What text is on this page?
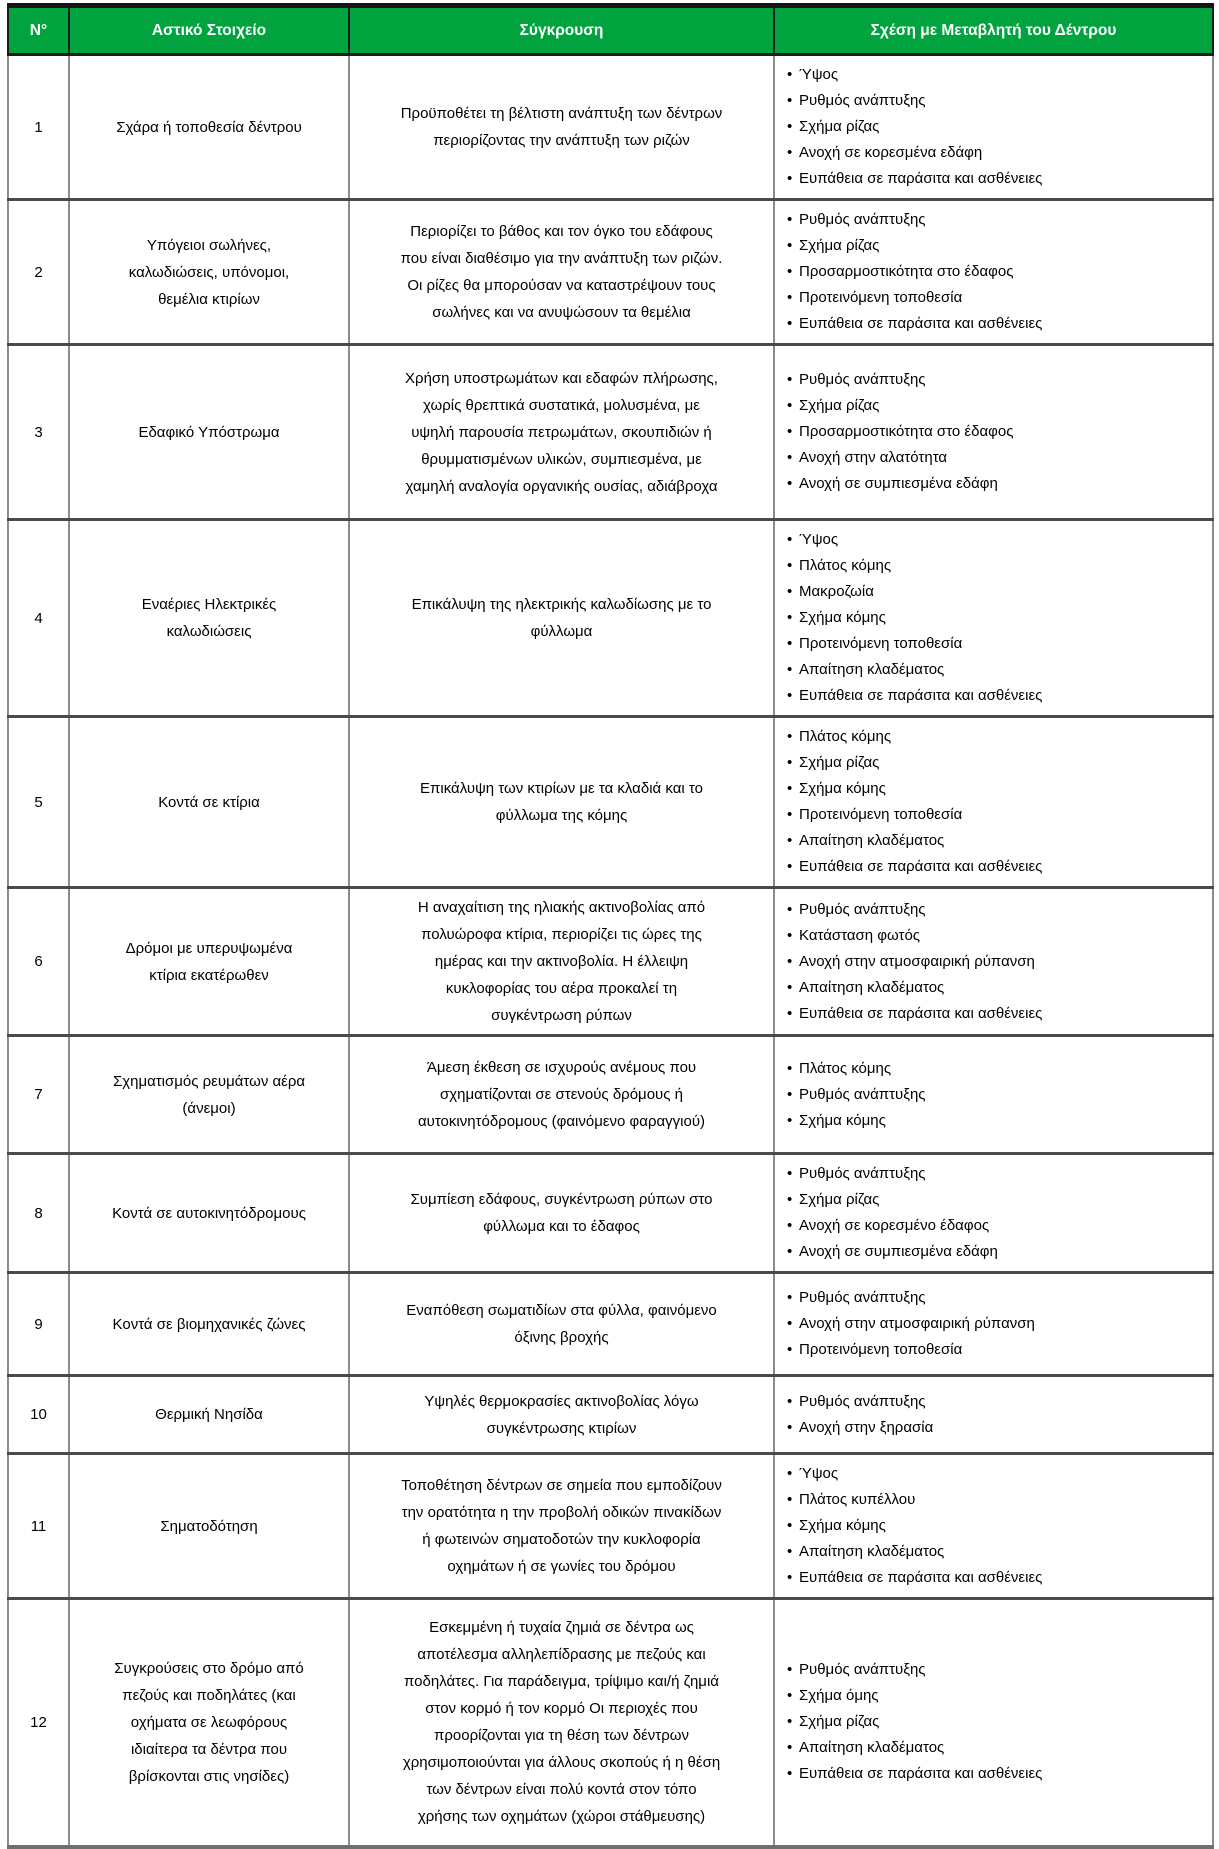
N°	Αστικό Στοιχείο	Σύγκρουση	Σχέση με Μεταβλητή του Δέντρου
1	Σχάρα ή τοποθεσία δέντρου	Προϋποθέτει τη βέλτιστη ανάπτυξη των δέντρων περιορίζοντας την ανάπτυξη των ριζών	
• Ύψος
• Ρυθμός ανάπτυξης
• Σχήμα ρίζας
• Ανοχή σε κορεσμένα εδάφη
• Ευπάθεια σε παράσιτα και ασθένειες

2	Υπόγειοι σωλήνες, καλωδιώσεις, υπόνομοι, θεμέλια κτιρίων	Περιορίζει το βάθος και τον όγκο του εδάφους που είναι διαθέσιμο για την ανάπτυξη των ριζών. Οι ρίζες θα μπορούσαν να καταστρέψουν τους σωλήνες και να ανυψώσουν τα θεμέλια	
• Ρυθμός ανάπτυξης
• Σχήμα ρίζας
• Προσαρμοστικότητα στο έδαφος
• Προτεινόμενη τοποθεσία
• Ευπάθεια σε παράσιτα και ασθένειες

3	Εδαφικό Υπόστρωμα	Χρήση υποστρωμάτων και εδαφών πλήρωσης, χωρίς θρεπτικά συστατικά, μολυσμένα, με υψηλή παρουσία πετρωμάτων, σκουπιδιών ή θρυμματισμένων υλικών, συμπιεσμένα, με χαμηλή αναλογία οργανικής ουσίας, αδιάβροχα	
• Ρυθμός ανάπτυξης
• Σχήμα ρίζας
• Προσαρμοστικότητα στο έδαφος
• Ανοχή στην αλατότητα
• Ανοχή σε συμπιεσμένα εδάφη

4	Εναέριες Ηλεκτρικές καλωδιώσεις	Επικάλυψη της ηλεκτρικής καλωδίωσης με το φύλλωμα	
• Ύψος
• Πλάτος κόμης
• Μακροζωία
• Σχήμα κόμης
• Προτεινόμενη τοποθεσία
• Απαίτηση κλαδέματος
• Ευπάθεια σε παράσιτα και ασθένειες

5	Κοντά σε κτίρια	Επικάλυψη των κτιρίων με τα κλαδιά και το φύλλωμα της κόμης	
• Πλάτος κόμης
• Σχήμα ρίζας
• Σχήμα κόμης
• Προτεινόμενη τοποθεσία
• Απαίτηση κλαδέματος
• Ευπάθεια σε παράσιτα και ασθένειες

6	Δρόμοι με υπερυψωμένα κτίρια εκατέρωθεν	Η αναχαίτιση της ηλιακής ακτινοβολίας από πολυώροφα κτίρια, περιορίζει τις ώρες της ημέρας και την ακτινοβολία. Η έλλειψη κυκλοφορίας του αέρα προκαλεί τη συγκέντρωση ρύπων	
• Ρυθμός ανάπτυξης
• Κατάσταση φωτός
• Ανοχή στην ατμοσφαιρική ρύπανση
• Απαίτηση κλαδέματος
• Ευπάθεια σε παράσιτα και ασθένειες

7	Σχηματισμός ρευμάτων αέρα (άνεμοι)	Άμεση έκθεση σε ισχυρούς ανέμους που σχηματίζονται σε στενούς δρόμους ή αυτοκινητόδρομους (φαινόμενο φαραγγιού)	
• Πλάτος κόμης
• Ρυθμός ανάπτυξης
• Σχήμα κόμης

8	Κοντά σε αυτοκινητόδρομους	Συμπίεση εδάφους, συγκέντρωση ρύπων στο φύλλωμα και το έδαφος	
• Ρυθμός ανάπτυξης
• Σχήμα ρίζας
• Ανοχή σε κορεσμένο έδαφος
• Ανοχή σε συμπιεσμένα εδάφη

9	Κοντά σε βιομηχανικές ζώνες	Εναπόθεση σωματιδίων στα φύλλα, φαινόμενο όξινης βροχής	
• Ρυθμός ανάπτυξης
• Ανοχή στην ατμοσφαιρική ρύπανση
• Προτεινόμενη τοποθεσία

10	Θερμική Νησίδα	Υψηλές θερμοκρασίες ακτινοβολίας λόγω συγκέντρωσης κτιρίων	
• Ρυθμός ανάπτυξης
• Ανοχή στην ξηρασία

11	Σηματοδότηση	Τοποθέτηση δέντρων σε σημεία που εμποδίζουν την ορατότητα η την προβολή οδικών πινακίδων ή φωτεινών σηματοδοτών την κυκλοφορία οχημάτων ή σε γωνίες του δρόμου	
• Ύψος
• Πλάτος κυπέλλου
• Σχήμα κόμης
• Απαίτηση κλαδέματος
• Ευπάθεια σε παράσιτα και ασθένειες

12	Συγκρούσεις στο δρόμο από πεζούς και ποδηλάτες (και οχήματα σε λεωφόρους ιδιαίτερα τα δέντρα που βρίσκονται στις νησίδες)	Εσκεμμένη ή τυχαία ζημιά σε δέντρα ως αποτέλεσμα αλληλεπίδρασης με πεζούς και ποδηλάτες. Για παράδειγμα, τρίψιμο και/ή ζημιά στον κορμό ή τον κορμό Οι περιοχές που προορίζονται για τη θέση των δέντρων χρησιμοποιούνται για άλλους σκοπούς ή η θέση των δέντρων είναι πολύ κοντά στον τόπο χρήσης των οχημάτων (χώροι στάθμευσης)	
• Ρυθμός ανάπτυξης
• Σχήμα όμης
• Σχήμα ρίζας
• Απαίτηση κλαδέματος
• Ευπάθεια σε παράσιτα και ασθένειες
